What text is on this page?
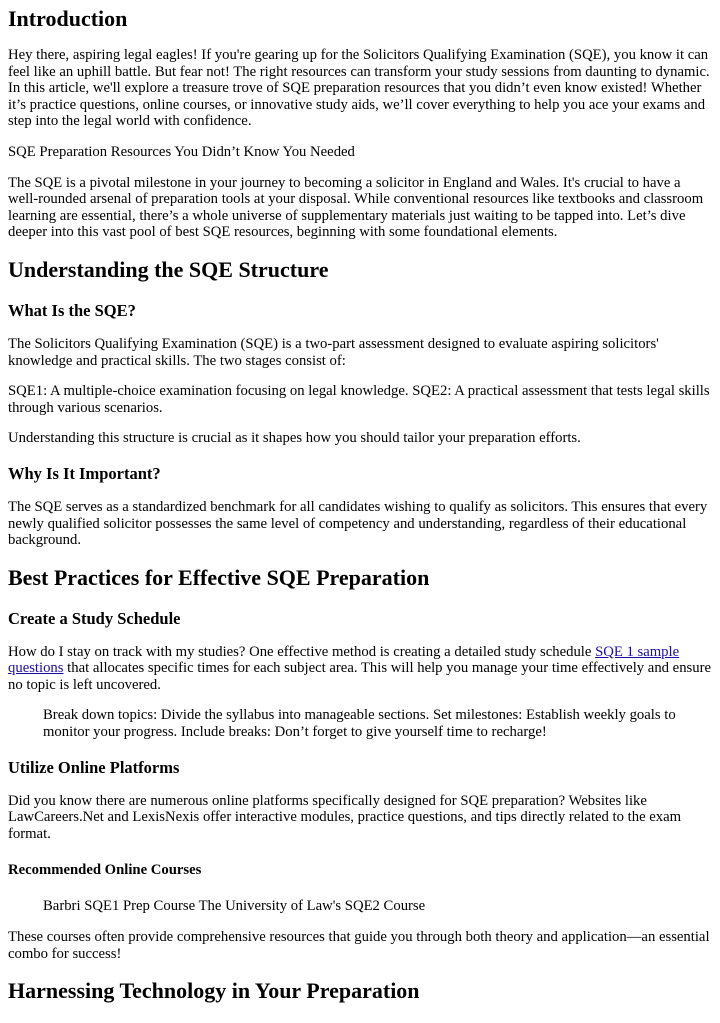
Introduction

Hey there, aspiring legal eagles! If you're gearing up for the Solicitors Qualifying Examination (SQE), you know it can feel like an uphill battle. But fear not! The right resources can transform your study sessions from daunting to dynamic. In this article, we'll explore a treasure trove of SQE preparation resources that you didn’t even know existed! Whether it’s practice questions, online courses, or innovative study aids, we’ll cover everything to help you ace your exams and step into the legal world with confidence.

SQE Preparation Resources You Didn’t Know You Needed

The SQE is a pivotal milestone in your journey to becoming a solicitor in England and Wales. It's crucial to have a well-rounded arsenal of preparation tools at your disposal. While conventional resources like textbooks and classroom learning are essential, there’s a whole universe of supplementary materials just waiting to be tapped into. Let’s dive deeper into this vast pool of best SQE resources, beginning with some foundational elements.

Understanding the SQE Structure
What Is the SQE?

The Solicitors Qualifying Examination (SQE) is a two-part assessment designed to evaluate aspiring solicitors' knowledge and practical skills. The two stages consist of:

SQE1: A multiple-choice examination focusing on legal knowledge. SQE2: A practical assessment that tests legal skills through various scenarios.

Understanding this structure is crucial as it shapes how you should tailor your preparation efforts.

Why Is It Important?

The SQE serves as a standardized benchmark for all candidates wishing to qualify as solicitors. This ensures that every newly qualified solicitor possesses the same level of competency and understanding, regardless of their educational background.

Best Practices for Effective SQE Preparation
Create a Study Schedule

How do I stay on track with my studies? One effective method is creating a detailed study schedule SQE 1 sample questions that allocates specific times for each subject area. This will help you manage your time effectively and ensure no topic is left uncovered.

Break down topics: Divide the syllabus into manageable sections. Set milestones: Establish weekly goals to monitor your progress. Include breaks: Don’t forget to give yourself time to recharge!

Utilize Online Platforms

Did you know there are numerous online platforms specifically designed for SQE preparation? Websites like LawCareers.Net and LexisNexis offer interactive modules, practice questions, and tips directly related to the exam format.

Recommended Online Courses

Barbri SQE1 Prep Course The University of Law's SQE2 Course

These courses often provide comprehensive resources that guide you through both theory and application—an essential combo for success!

Harnessing Technology in Your Preparation
